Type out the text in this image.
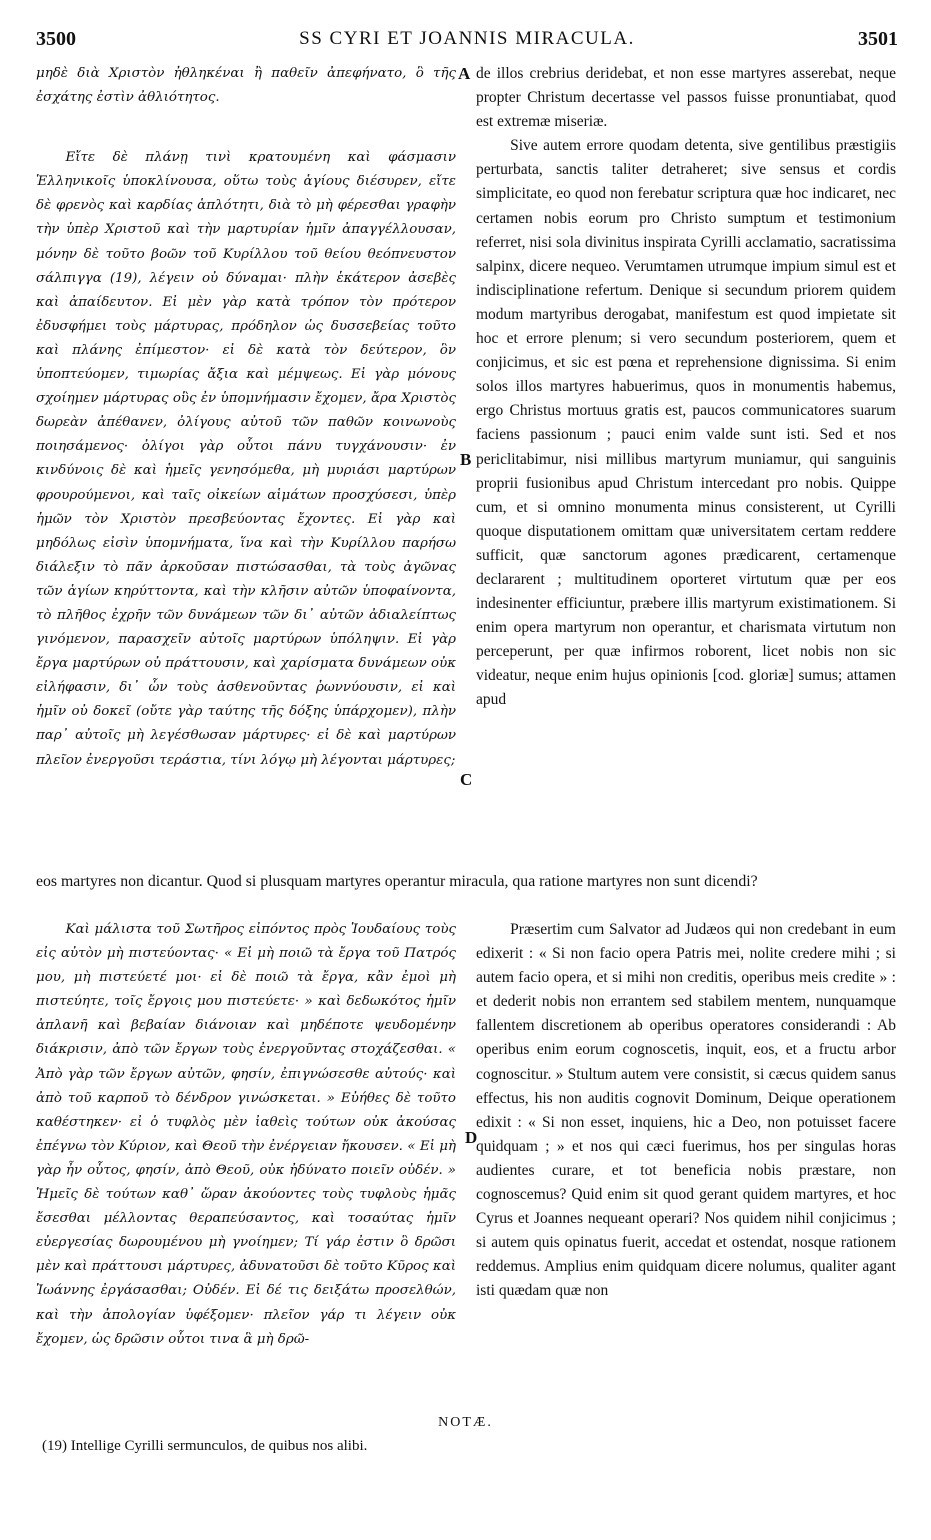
3500	SS CYRI ET JOANNIS MIRACULA.	3501

μηδὲ διὰ Χριστὸν ἠθληκέναι ἢ παθεῖν ἀπεφήνατο, ὃ τῆς ἐσχάτης ἐστὶν ἀθλιότητος.

Εἴτε δὲ πλάνῃ τινὶ κρατουμένη καὶ φάσμασιν Ἑλληνικοῖς ὑποκλίνουσα, οὕτω τοὺς ἁγίους διέσυρεν, εἴτε δὲ φρενὸς καὶ καρδίας ἁπλότητι, διὰ τὸ μὴ φέρεσθαι γραφὴν τὴν ὑπὲρ Χριστοῦ καὶ τὴν μαρτυρίαν ἡμῖν ἀπαγγέλλουσαν, μόνην δὲ τοῦτο βοῶν τοῦ Κυρίλλου τοῦ θείου θεόπνευστον σάλπιγγα (19), λέγειν οὐ δύναμαι· πλὴν ἑκάτερον ἀσεβὲς καὶ ἀπαίδευτον. Εἰ μὲν γὰρ κατὰ τρόπον τὸν πρότερον ἐδυσφήμει τοὺς μάρτυρας, πρόδηλον ὡς δυσσεβείας τοῦτο καὶ πλάνης ἐπίμεστον· εἰ δὲ κατὰ τὸν δεύτερον, ὃν ὑποπτεύομεν, τιμωρίας ἄξια καὶ μέμψεως. Εἰ γὰρ μόνους σχοίημεν μάρτυρας οὓς ἐν ὑπομνήμασιν ἔχομεν, ἄρα Χριστὸς δωρεὰν ἀπέθανεν, ὀλίγους αὐτοῦ τῶν παθῶν κοινωνοὺς ποιησάμενος· ὀλίγοι γὰρ οὗτοι πάνυ τυγχάνουσιν· ἐν κινδύνοις δὲ καὶ ἡμεῖς γενησόμεθα, μὴ μυριάσι μαρτύρων φρουρούμενοι, καὶ ταῖς οἰκείων αἱμάτων προσχύσεσι, ὑπὲρ ἡμῶν τὸν Χριστὸν πρεσβεύοντας ἔχοντες. Εἰ γὰρ καὶ μηδόλως εἰσὶν ὑπομνήματα, ἵνα καὶ τὴν Κυρίλλου παρήσω διάλεξιν τὸ πᾶν ἀρκοῦσαν πιστώσασθαι, τὰ τοὺς ἀγῶνας τῶν ἁγίων κηρύττοντα, καὶ τὴν κλῆσιν αὐτῶν ὑποφαίνοντα, τὸ πλῆθος ἐχρῆν τῶν δυνάμεων τῶν δι᾽ αὐτῶν ἀδιαλείπτως γινόμενον, παρασχεῖν αὐτοῖς μαρτύρων ὑπόληψιν. Εἰ γὰρ ἔργα μαρτύρων οὐ πράττουσιν, καὶ χαρίσματα δυνάμεων οὐκ εἰλήφασιν, δι᾽ ὧν τοὺς ἀσθενοῦντας ῥωννύουσιν, εἰ καὶ ἡμῖν οὐ δοκεῖ (οὔτε γὰρ ταύτης τῆς δόξης ὑπάρχομεν), πλὴν παρ᾽ αὐτοῖς μὴ λεγέσθωσαν μάρτυρες· εἰ δὲ καὶ μαρτύρων πλεῖον ἐνεργοῦσι τεράστια, τίνι λόγῳ μὴ λέγονται μάρτυρες;

de illos crebrius deridebat, et non esse martyres asserebat, neque propter Christum decertasse vel passos fuisse pronuntiabat, quod est extremæ miseriæ.

Sive autem errore quodam detenta, sive gentilibus præstigiis perturbata, sanctis taliter detraheret; sive sensus et cordis simplicitate, eo quod non ferebatur scriptura quæ hoc indicaret, nec certamen nobis eorum pro Christo sumptum et testimonium referret, nisi sola divinitus inspirata Cyrilli acclamatio, sacratissima salpinx, dicere nequeo. Verumtamen utrumque impium simul est et indisciplinatione refertum. Denique si secundum priorem quidem modum martyribus derogabat, manifestum est quod impietate sit hoc et errore plenum; si vero secundum posteriorem, quem et conjicimus, et sic est pœna et reprehensione dignissima. Si enim solos illos martyres habuerimus, quos in monumentis habemus, ergo Christus mortuus gratis est, paucos communicatores suarum faciens passionum ; pauci enim valde sunt isti. Sed et nos periclitabimur, nisi millibus martyrum muniamur, qui sanguinis proprii fusionibus apud Christum intercedant pro nobis. Quippe cum, et si omnino monumenta minus consisterent, ut Cyrilli quoque disputationem omittam quæ universitatem certam reddere sufficit, quæ sanctorum agones prædicarent, certamenque declararent ; multitudinem oporteret virtutum quæ per eos indesinenter efficiuntur, præbere illis martyrum existimationem. Si enim opera martyrum non operantur, et charismata virtutum non perceperunt, per quæ infirmos roborent, licet nobis non sic videatur, neque enim hujus opinionis [cod. gloriæ] sumus; attamen apud

eos martyres non dicantur. Quod si plusquam martyres operantur miracula, qua ratione martyres non sunt dicendi?

Καὶ μάλιστα τοῦ Σωτῆρος εἰπόντος πρὸς Ἰουδαίους τοὺς εἰς αὐτὸν μὴ πιστεύοντας· « Εἰ μὴ ποιῶ τὰ ἔργα τοῦ Πατρός μου, μὴ πιστεύετέ μοι· εἰ δὲ ποιῶ τὰ ἔργα, κἂν ἐμοὶ μὴ πιστεύητε, τοῖς ἔργοις μου πιστεύετε· » καὶ δεδωκότος ἡμῖν ἀπλανῆ καὶ βεβαίαν διάνοιαν καὶ μηδέποτε ψευδομένην διάκρισιν, ἀπὸ τῶν ἔργων τοὺς ἐνεργοῦντας στοχάζεσθαι. « Ἀπὸ γὰρ τῶν ἔργων αὐτῶν, φησίν, ἐπιγνώσεσθε αὐτούς· καὶ ἀπὸ τοῦ καρποῦ τὸ δένδρον γινώσκεται. » Εὐήθες δὲ τοῦτο καθέστηκεν· εἰ ὁ τυφλὸς μὲν ἰαθεὶς τούτων οὐκ ἀκούσας ἐπέγνω τὸν Κύριον, καὶ Θεοῦ τὴν ἐνέργειαν ἤκουσεν. « Εἰ μὴ γὰρ ἦν οὗτος, φησίν, ἀπὸ Θεοῦ, οὐκ ἠδύνατο ποιεῖν οὐδέν. » Ἡμεῖς δὲ τούτων καθ᾽ ὥραν ἀκούοντες τοὺς τυφλοὺς ἡμᾶς ἔσεσθαι μέλλοντας θεραπεύσαντος, καὶ τοσαύτας ἡμῖν εὐεργεσίας δωρουμένου μὴ γνοίημεν; Τί γάρ ἐστιν ὃ δρῶσι μὲν καὶ πράττουσι μάρτυρες, ἀδυνατοῦσι δὲ τοῦτο Κῦρος καὶ Ἰωάννης ἐργάσασθαι; Οὐδέν. Εἰ δέ τις δειξάτω προσελθών, καὶ τὴν ἀπολογίαν ὑφέξομεν· πλεῖον γάρ τι λέγειν οὐκ ἔχομεν, ὡς δρῶσιν οὗτοι τινα ἃ μὴ δρῶ-

Præsertim cum Salvator ad Judæos qui non credebant in eum edixerit : « Si non facio opera Patris mei, nolite credere mihi ; si autem facio opera, et si mihi non creditis, operibus meis credite » : et dederit nobis non errantem sed stabilem mentem, nunquamque fallentem discretionem ab operibus operatores considerandi : Ab operibus enim eorum cognoscetis, inquit, eos, et a fructu arbor cognoscitur. » Stultum autem vere consistit, si cæcus quidem sanus effectus, his non auditis cognovit Dominum, Deique operationem edixit : « Si non esset, inquiens, hic a Deo, non potuisset facere quidquam ; » et nos qui cæci fuerimus, hos per singulas horas audientes curare, et tot beneficia nobis præstare, non cognoscemus? Quid enim sit quod gerant quidem martyres, et hoc Cyrus et Joannes nequeant operari? Nos quidem nihil conjicimus ; si autem quis opinatus fuerit, accedat et ostendat, nosque rationem reddemus. Amplius enim quidquam dicere nolumus, qualiter agant isti quædam quæ non

A
B
C
D
NOTÆ.
(19) Intellige Cyrilli sermunculos, de quibus nos alibi.
